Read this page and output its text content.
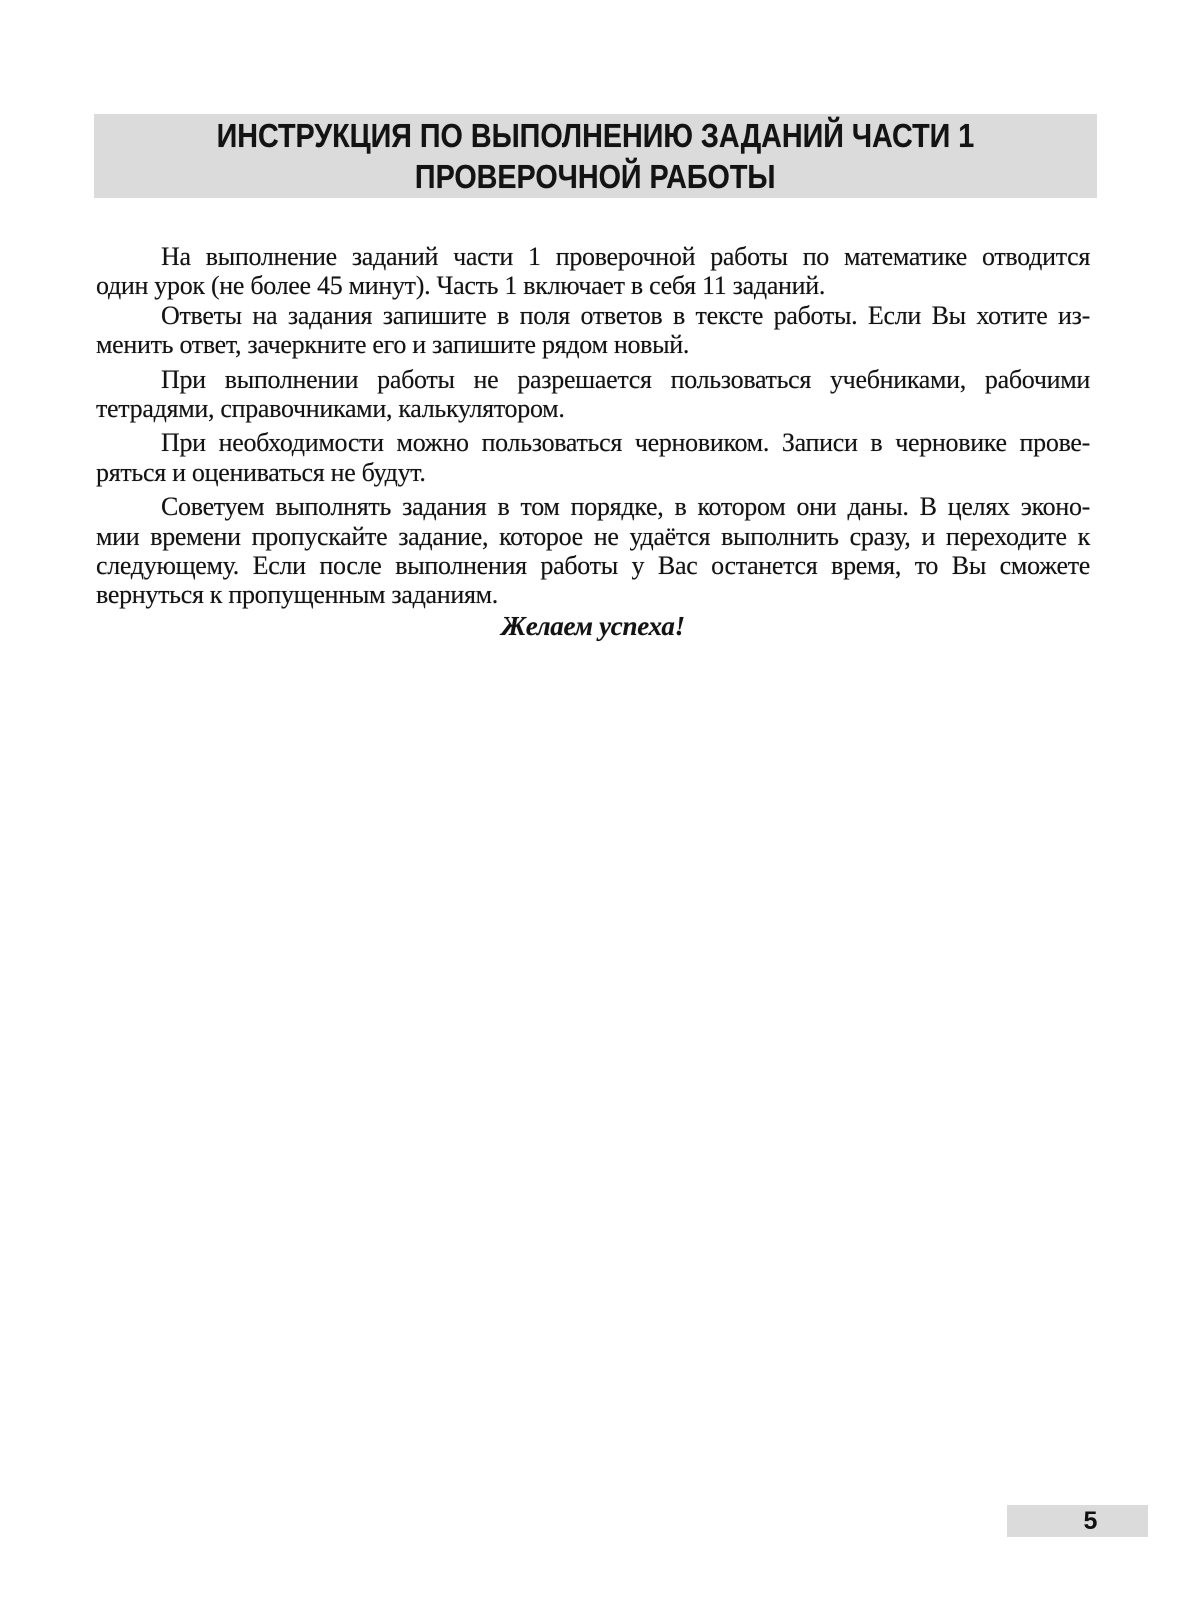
ИНСТРУКЦИЯ ПО ВЫПОЛНЕНИЮ ЗАДАНИЙ ЧАСТИ 1
ПРОВЕРОЧНОЙ РАБОТЫ
На выполнение заданий части 1 проверочной работы по математике отводится
один урок (не более 45 минут). Часть 1 включает в себя 11 заданий.
Ответы на задания запишите в поля ответов в тексте работы. Если Вы хотите из-
менить ответ, зачеркните его и запишите рядом новый.
При выполнении работы не разрешается пользоваться учебниками, рабочими
тетрадями, справочниками, калькулятором.
При необходимости можно пользоваться черновиком. Записи в черновике прове-
ряться и оцениваться не будут.
Советуем выполнять задания в том порядке, в котором они даны. В целях эконо-
мии времени пропускайте задание, которое не удаётся выполнить сразу, и переходите к
следующему. Если после выполнения работы у Вас останется время, то Вы сможете
вернуться к пропущенным заданиям.
Желаем успеха!
5
